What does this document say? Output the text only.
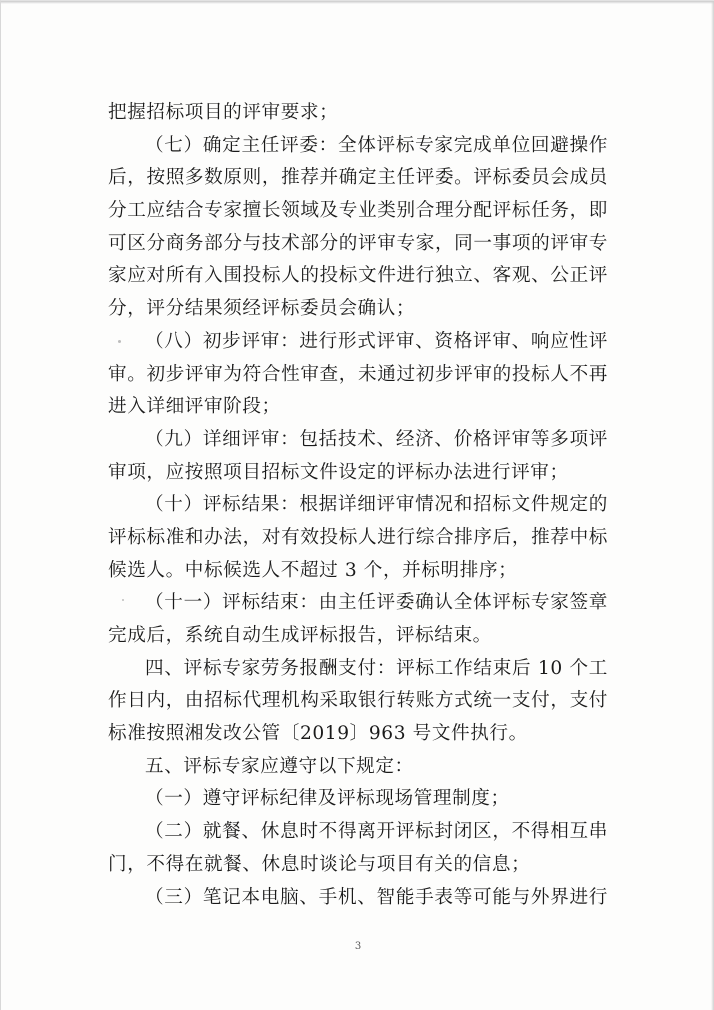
把握招标项目的评审要求；
（七）确定主任评委：全体评标专家完成单位回避操作
后，按照多数原则，推荐并确定主任评委。评标委员会成员
分工应结合专家擅长领域及专业类别合理分配评标任务，即
可区分商务部分与技术部分的评审专家，同一事项的评审专
家应对所有入围投标人的投标文件进行独立、客观、公正评
分，评分结果须经评标委员会确认；
（八）初步评审：进行形式评审、资格评审、响应性评
审。初步评审为符合性审查，未通过初步评审的投标人不再
进入详细评审阶段；
（九）详细评审：包括技术、经济、价格评审等多项评
审项，应按照项目招标文件设定的评标办法进行评审；
（十）评标结果：根据详细评审情况和招标文件规定的
评标标准和办法，对有效投标人进行综合排序后，推荐中标
候选人。中标候选人不超过 3 个，并标明排序；
（十一）评标结束：由主任评委确认全体评标专家签章
完成后，系统自动生成评标报告，评标结束。
四、评标专家劳务报酬支付：评标工作结束后 10 个工
作日内，由招标代理机构采取银行转账方式统一支付，支付
标准按照湘发改公管〔2019〕963 号文件执行。
五、评标专家应遵守以下规定：
（一）遵守评标纪律及评标现场管理制度；
（二）就餐、休息时不得离开评标封闭区，不得相互串
门，不得在就餐、休息时谈论与项目有关的信息；
（三）笔记本电脑、手机、智能手表等可能与外界进行
3
